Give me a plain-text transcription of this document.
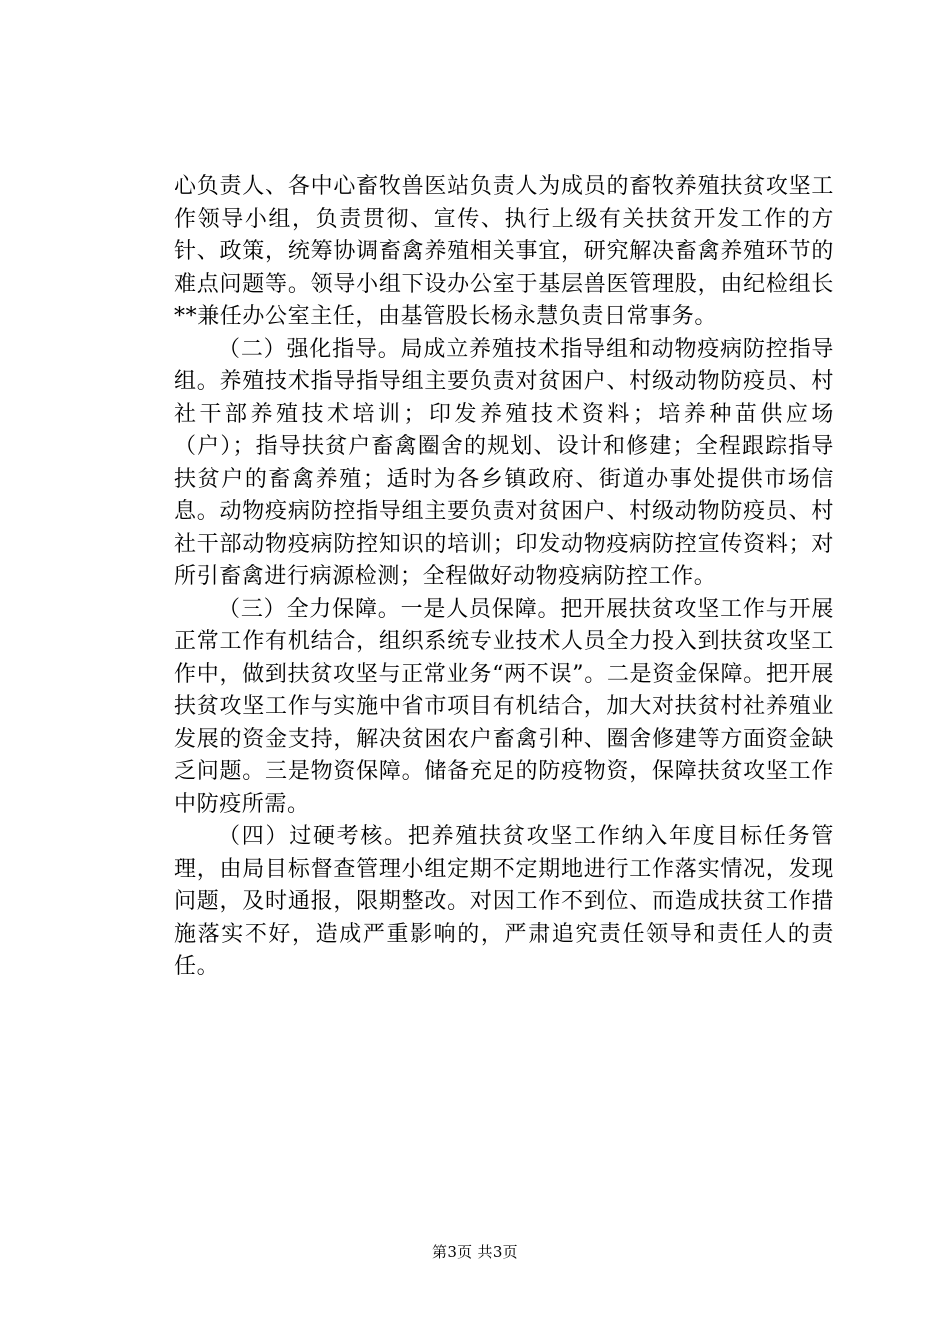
心负责人、各中心畜牧兽医站负责人为成员的畜牧养殖扶贫攻坚工作领导小组，负责贯彻、宣传、执行上级有关扶贫开发工作的方针、政策，统筹协调畜禽养殖相关事宜，研究解决畜禽养殖环节的难点问题等。领导小组下设办公室于基层兽医管理股，由纪检组长**兼任办公室主任，由基管股长杨永慧负责日常事务。

（二）强化指导。局成立养殖技术指导组和动物疫病防控指导组。养殖技术指导指导组主要负责对贫困户、村级动物防疫员、村社干部养殖技术培训；印发养殖技术资料；培养种苗供应场（户）；指导扶贫户畜禽圈舍的规划、设计和修建；全程跟踪指导扶贫户的畜禽养殖；适时为各乡镇政府、街道办事处提供市场信息。动物疫病防控指导组主要负责对贫困户、村级动物防疫员、村社干部动物疫病防控知识的培训；印发动物疫病防控宣传资料；对所引畜禽进行病源检测；全程做好动物疫病防控工作。

（三）全力保障。一是人员保障。把开展扶贫攻坚工作与开展正常工作有机结合，组织系统专业技术人员全力投入到扶贫攻坚工作中，做到扶贫攻坚与正常业务“两不误”。二是资金保障。把开展扶贫攻坚工作与实施中省市项目有机结合，加大对扶贫村社养殖业发展的资金支持，解决贫困农户畜禽引种、圈舍修建等方面资金缺乏问题。三是物资保障。储备充足的防疫物资，保障扶贫攻坚工作中防疫所需。

（四）过硬考核。把养殖扶贫攻坚工作纳入年度目标任务管理，由局目标督查管理小组定期不定期地进行工作落实情况，发现问题，及时通报，限期整改。对因工作不到位、而造成扶贫工作措施落实不好，造成严重影响的，严肃追究责任领导和责任人的责任。

第3页 共3页
